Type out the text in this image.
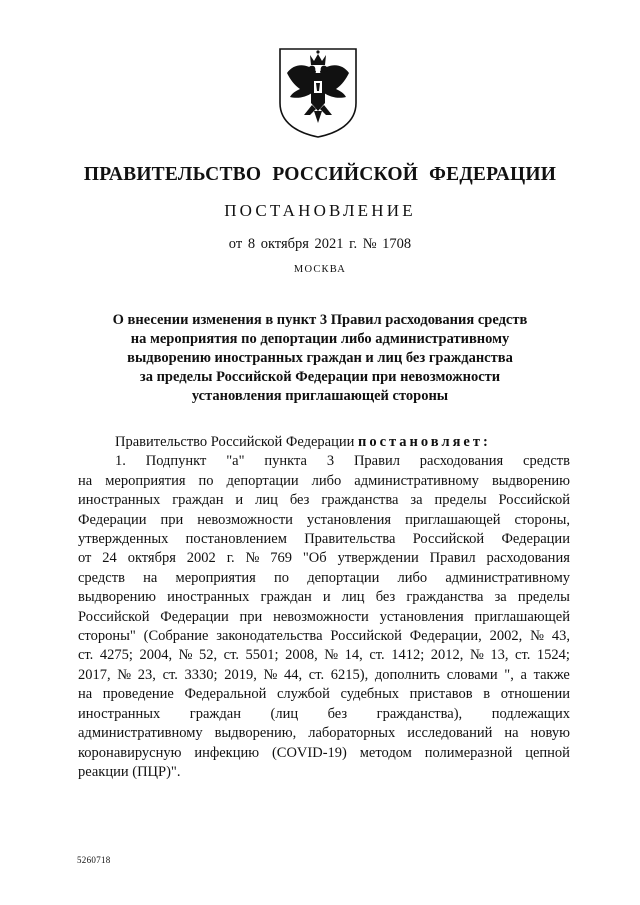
ПРАВИТЕЛЬСТВО РОССИЙСКОЙ ФЕДЕРАЦИИ
ПОСТАНОВЛЕНИЕ
от 8 октября 2021 г. № 1708
МОСКВА
О внесении изменения в пункт 3 Правил расходования средств
на мероприятия по депортации либо административному
выдворению иностранных граждан и лиц без гражданства
за пределы Российской Федерации при невозможности
установления приглашающей стороны
Правительство Российской Федерации
постановляет:
1. Подпункт "а" пункта 3 Правил расходования средств
на мероприятия по депортации либо административному выдворению
иностранных граждан и лиц без гражданства за пределы Российской
Федерации при невозможности установления приглашающей стороны,
утвержденных постановлением Правительства Российской Федерации
от 24 октября 2002 г. № 769 "Об утверждении Правил расходования
средств на мероприятия по депортации либо административному
выдворению иностранных граждан и лиц без гражданства за пределы
Российской Федерации при невозможности установления приглашающей
стороны" (Собрание законодательства Российской Федерации, 2002, № 43,
ст. 4275; 2004, № 52, ст. 5501; 2008, № 14, ст. 1412; 2012, № 13, ст. 1524;
2017, № 23, ст. 3330; 2019, № 44, ст. 6215), дополнить словами ", а также
на проведение Федеральной службой судебных приставов в отношении
иностранных граждан (лиц без гражданства), подлежащих
административному выдворению, лабораторных исследований на новую
коронавирусную инфекцию (COVID-19) методом полимеразной цепной
реакции (ПЦР)".
5260718
